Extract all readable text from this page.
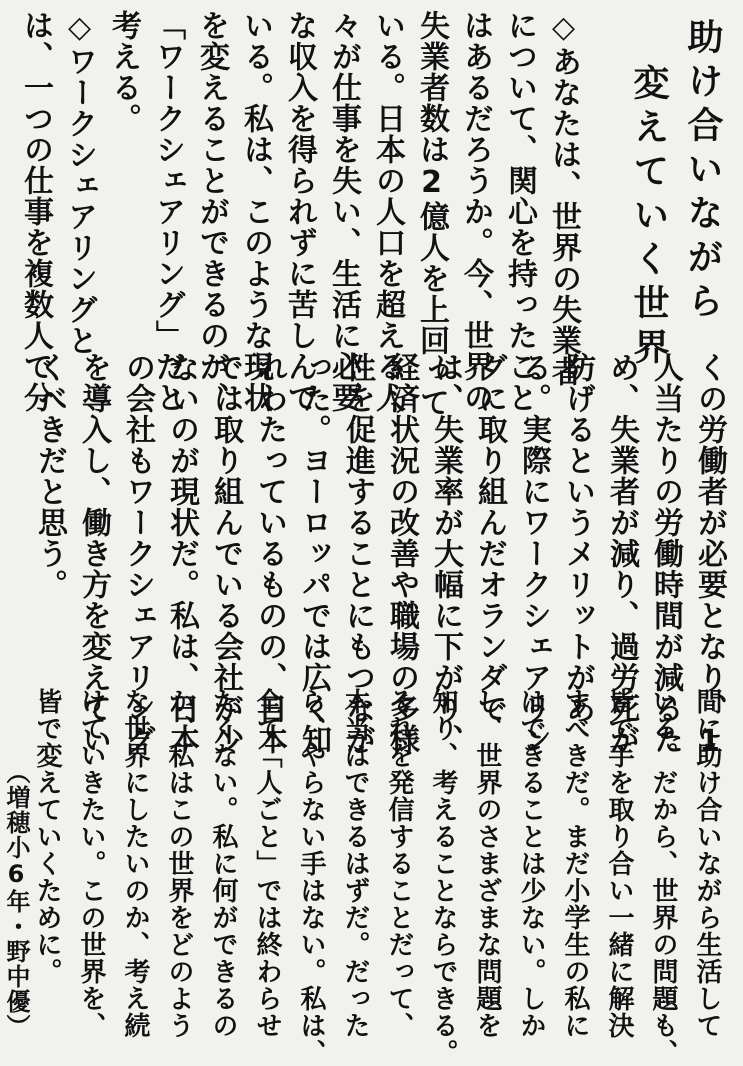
助け合いながら
変えていく世界
◇あなたは、世界の失業者
について、関心を持ったこと
はあるだろうか。今、世界の
失業者数は2億人を上回って
いる。日本の人口を超える人
々が仕事を失い、生活に必要
な収入を得られずに苦しんで
いる。私は、このような現状
を変えることができるのが、
「ワークシェアリング」だと
考える。
◇ワークシェアリングと
は、一つの仕事を複数人で分
くの労働者が必要となり、1
人当たりの労働時間が減るた
め、失業者が減り、過労死が
防げるというメリットがあ
る。実際にワークシェアリン
グに取り組んだオランダで
は、失業率が大幅に下がり、
経済状況の改善や職場の多様
性を促進することにもつなが
った。ヨーロッパでは広く知
れわたっているものの、日本
では取り組んでいる会社が少
ないのが現状だ。私は、日本
の会社もワークシェアリング
を導入し、働き方を変えてい
くべきだと思う。
間に助け合いながら生活して
いる。だから、世界の問題も、
皆で手を取り合い一緒に解決
すべきだ。まだ小学生の私に
はできることは少ない。しか
し、世界のさまざまな問題を
知り、考えることならできる。
それを発信することだって、
本当はできるはずだ。だった
ら、やらない手はない。私は、
全て「人ごと」では終わらせ
たくない。私に何ができるの
か、私はこの世界をどのよう
な世界にしたいのか、考え続
けていきたい。この世界を、
皆で変えていくために。
（増穂小6年・野中優）
